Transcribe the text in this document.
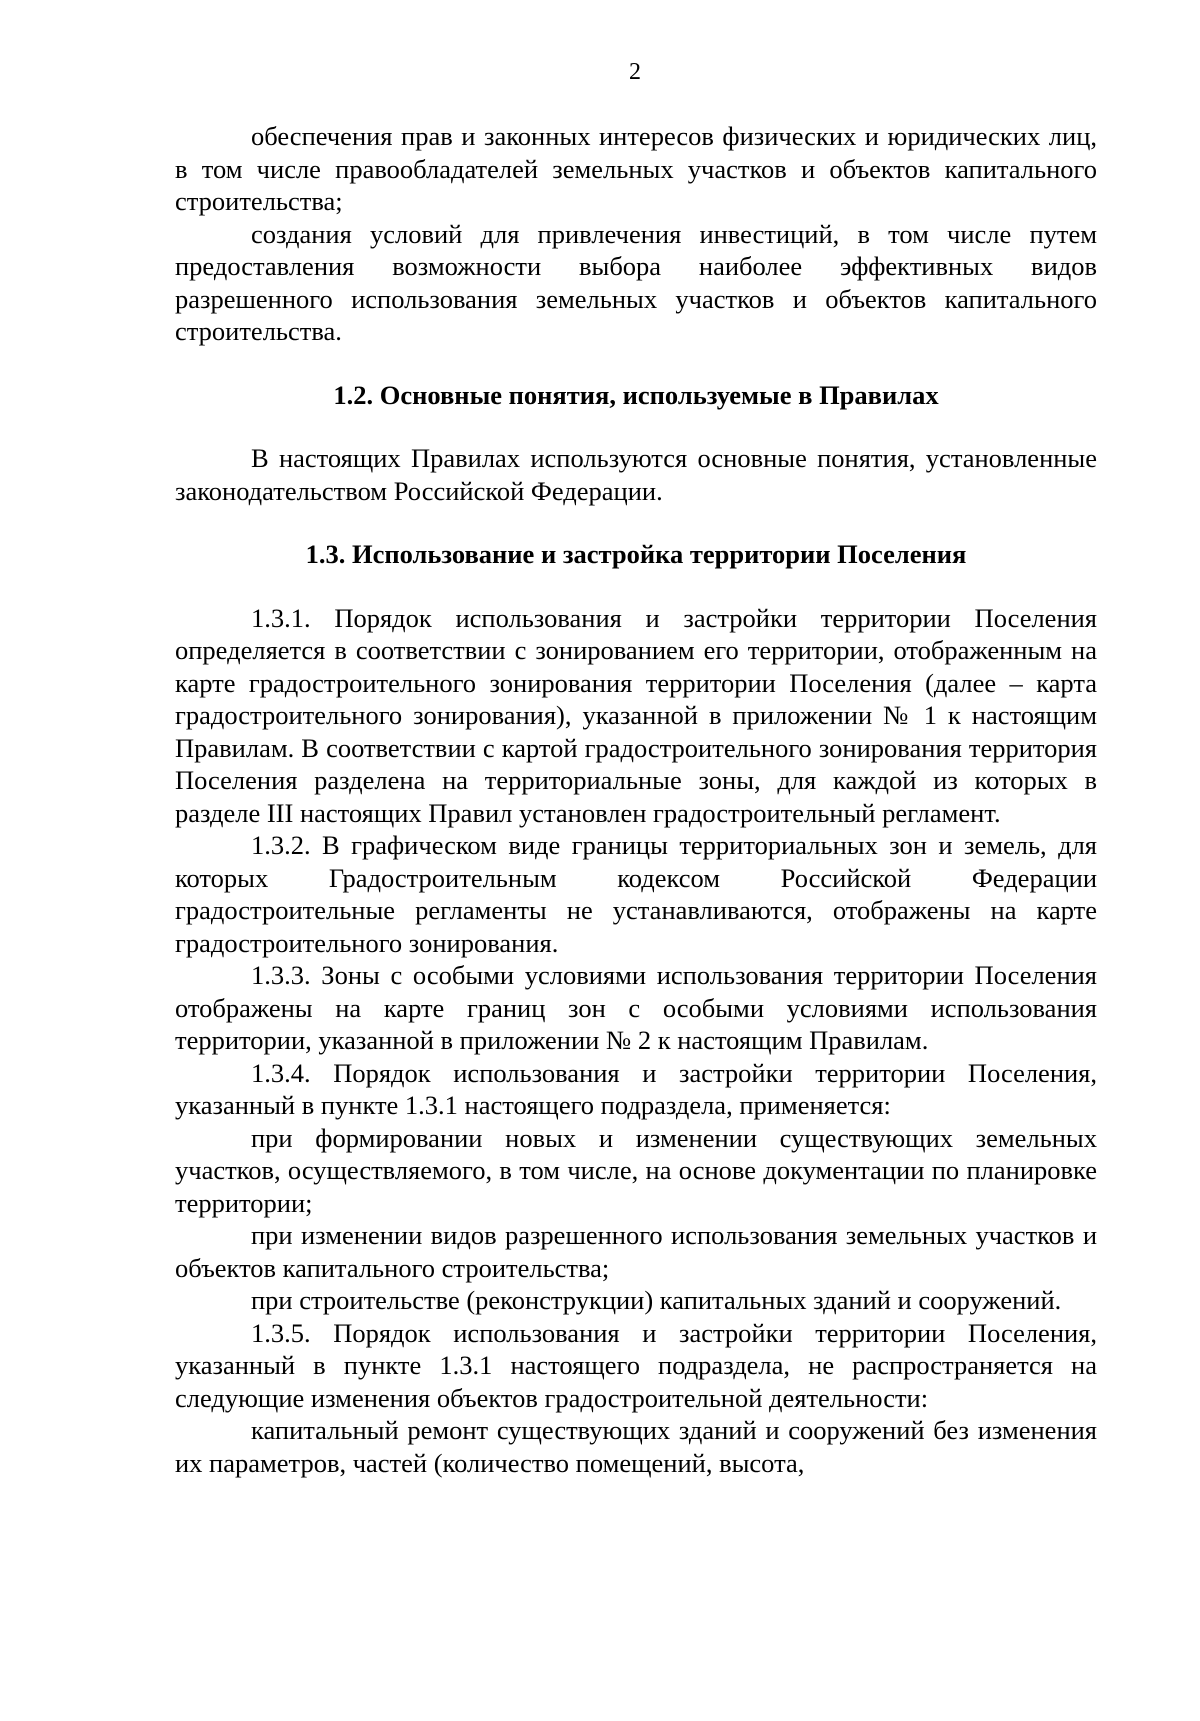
2

обеспечения прав и законных интересов физических и юридических лиц, в том числе правообладателей земельных участков и объектов капитального строительства;

создания условий для привлечения инвестиций, в том числе путем предоставления возможности выбора наиболее эффективных видов разрешенного использования земельных участков и объектов капитального строительства.

1.2. Основные понятия, используемые в Правилах

В настоящих Правилах используются основные понятия, установленные законодательством Российской Федерации.

1.3. Использование и застройка территории Поселения

1.3.1. Порядок использования и застройки территории Поселения определяется в соответствии с зонированием его территории, отображенным на карте градостроительного зонирования территории Поселения (далее – карта градостроительного зонирования), указанной в приложении № 1 к настоящим Правилам. В соответствии с картой градостроительного зонирования территория Поселения разделена на территориальные зоны, для каждой из которых в разделе III настоящих Правил установлен градостроительный регламент.

1.3.2. В графическом виде границы территориальных зон и земель, для которых Градостроительным кодексом Российской Федерации градостроительные регламенты не устанавливаются, отображены на карте градостроительного зонирования.

1.3.3. Зоны с особыми условиями использования территории Поселения отображены на карте границ зон с особыми условиями использования территории, указанной в приложении № 2 к настоящим Правилам.

1.3.4. Порядок использования и застройки территории Поселения, указанный в пункте 1.3.1 настоящего подраздела, применяется:

при формировании новых и изменении существующих земельных участков, осуществляемого, в том числе, на основе документации по планировке территории;

при изменении видов разрешенного использования земельных участков и объектов капитального строительства;

при строительстве (реконструкции) капитальных зданий и сооружений.

1.3.5. Порядок использования и застройки территории Поселения, указанный в пункте 1.3.1 настоящего подраздела, не распространяется на следующие изменения объектов градостроительной деятельности:

капитальный ремонт существующих зданий и сооружений без изменения их параметров, частей (количество помещений, высота,
